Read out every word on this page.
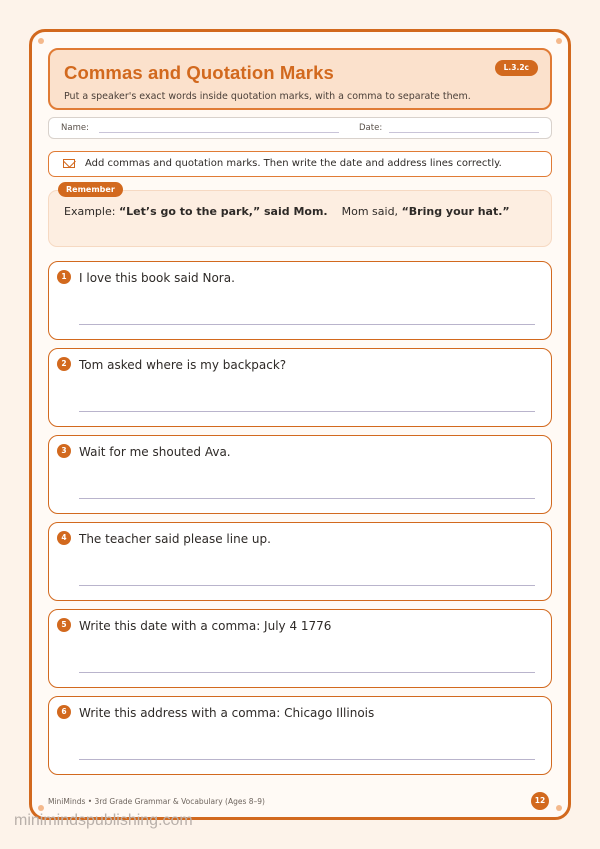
Commas and Quotation Marks
Put a speaker's exact words inside quotation marks, with a comma to separate them.
L.3.2c
Name:	Date:
Add commas and quotation marks. Then write the date and address lines correctly.
Remember
Example: “Let’s go to the park,” said Mom. Mom said, “Bring your hat.”
1	I love this book said Nora.
2	Tom asked where is my backpack?
3	Wait for me shouted Ava.
4	The teacher said please line up.
5	Write this date with a comma: July 4 1776
6	Write this address with a comma: Chicago Illinois
MiniMinds • 3rd Grade Grammar & Vocabulary (Ages 8–9)	12
minimindspublishing.com
